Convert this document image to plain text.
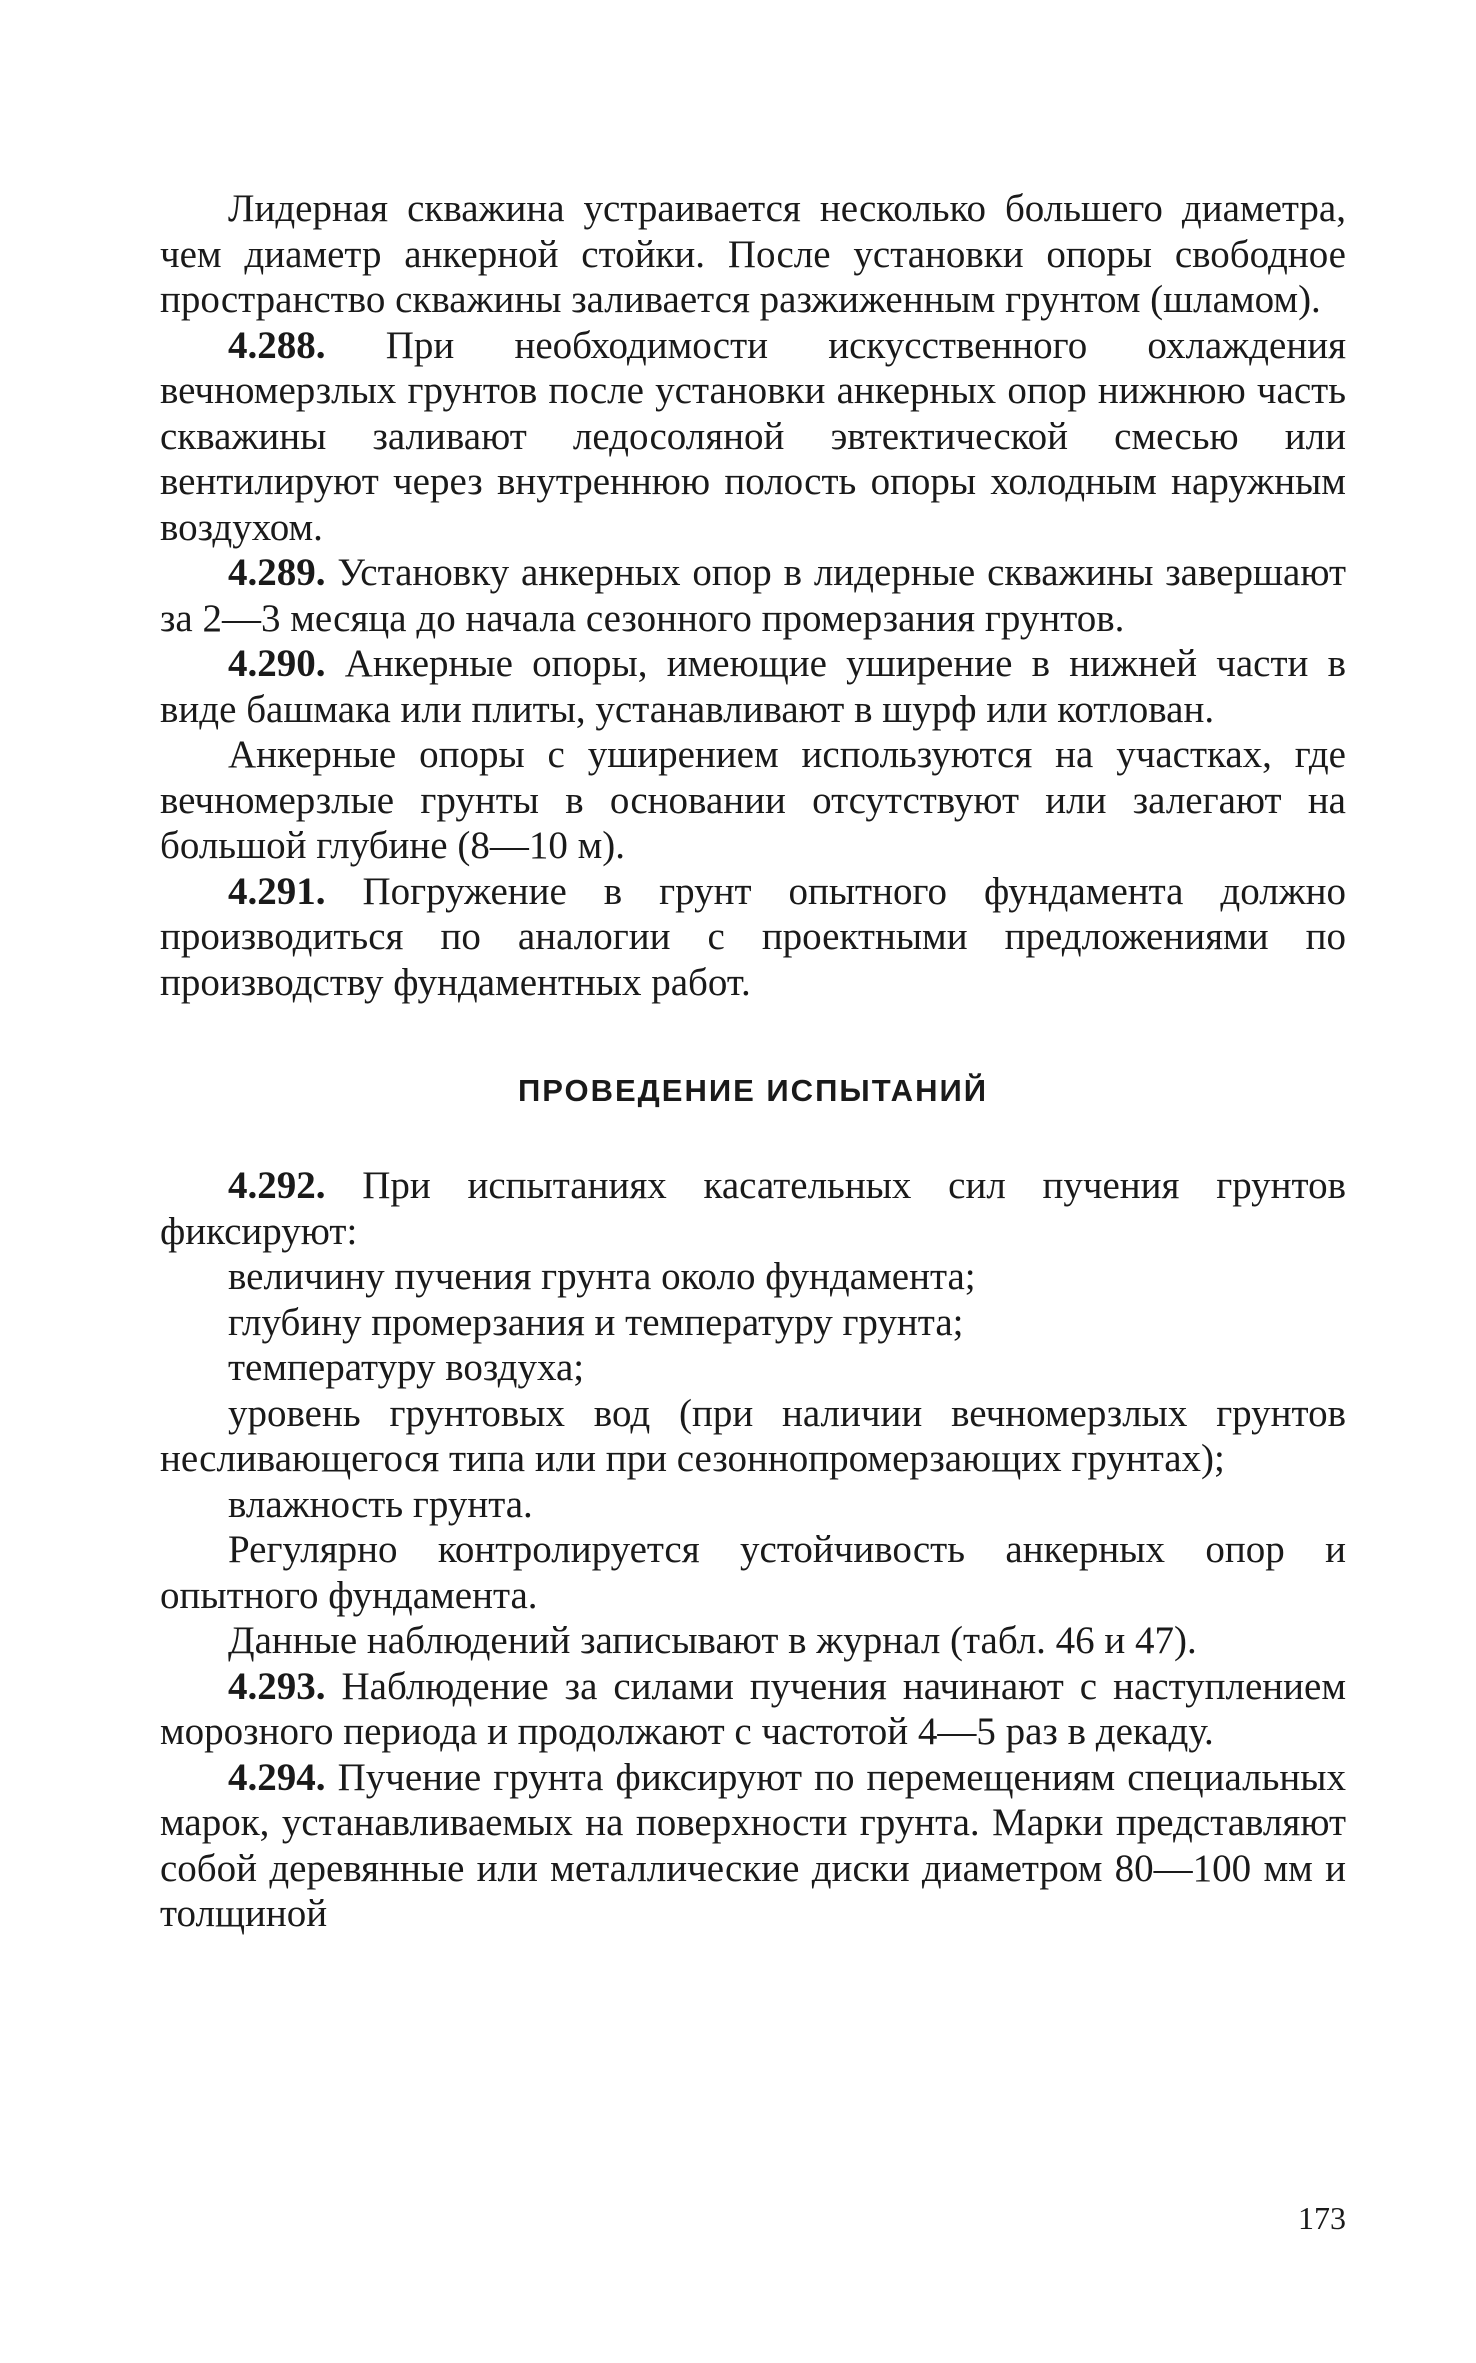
Лидерная скважина устраивается несколько большего диаметра, чем диаметр анкерной стойки. После установки опоры свободное пространство скважины заливается разжиженным грунтом (шламом).

4.288. При необходимости искусственного охлаждения вечномерзлых грунтов после установки анкерных опор нижнюю часть скважины заливают ледосоляной эвтектической смесью или вентилируют через внутреннюю полость опоры холодным наружным воздухом.

4.289. Установку анкерных опор в лидерные скважины завершают за 2—3 месяца до начала сезонного промерзания грунтов.

4.290. Анкерные опоры, имеющие уширение в нижней части в виде башмака или плиты, устанавливают в шурф или котлован.

Анкерные опоры с уширением используются на участках, где вечномерзлые грунты в основании отсутствуют или залегают на большой глубине (8—10 м).

4.291. Погружение в грунт опытного фундамента должно производиться по аналогии с проектными предложениями по производству фундаментных работ.

ПРОВЕДЕНИЕ ИСПЫТАНИЙ

4.292. При испытаниях касательных сил пучения грунтов фиксируют:

величину пучения грунта около фундамента;

глубину промерзания и температуру грунта;

температуру воздуха;

уровень грунтовых вод (при наличии вечномерзлых грунтов несливающегося типа или при сезоннопромерзающих грунтах);

влажность грунта.

Регулярно контролируется устойчивость анкерных опор и опытного фундамента.

Данные наблюдений записывают в журнал (табл. 46 и 47).

4.293. Наблюдение за силами пучения начинают с наступлением морозного периода и продолжают с частотой 4—5 раз в декаду.

4.294. Пучение грунта фиксируют по перемещениям специальных марок, устанавливаемых на поверхности грунта. Марки представляют собой деревянные или металлические диски диаметром 80—100 мм и толщиной

173
